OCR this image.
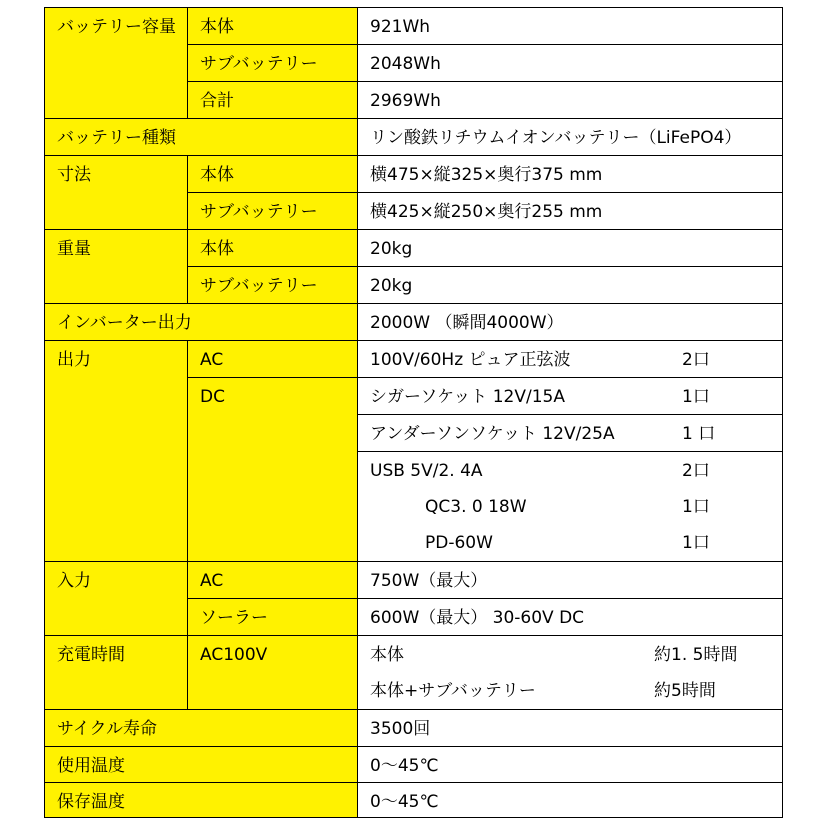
バッテリー容量	本体	921Wh
サブバッテリー	2048Wh
合計	2969Wh
バッテリー種類	リン酸鉄リチウムイオンバッテリー（LiFePO4）
寸法	本体	横475×縦325×奥行375 mm
サブバッテリー	横425×縦250×奥行255 mm
重量	本体	20kg
サブバッテリー	20kg
インバーター出力	2000W （瞬間4000W）
出力	AC	100V/60Hz ピュア正弦波	2口
DC	シガーソケット 12V/15A	1口
アンダーソンソケット 12V/25A	1 口
USB 5V/2. 4A	2口
QC3. 0 18W	1口
PD-60W	1口
入力	AC	750W（最大）
ソーラー	600W（最大） 30-60V DC
充電時間	AC100V	本体	約1. 5時間
本体+サブバッテリー	約5時間
サイクル寿命	3500回
使用温度	0～45℃
保存温度	0～45℃
